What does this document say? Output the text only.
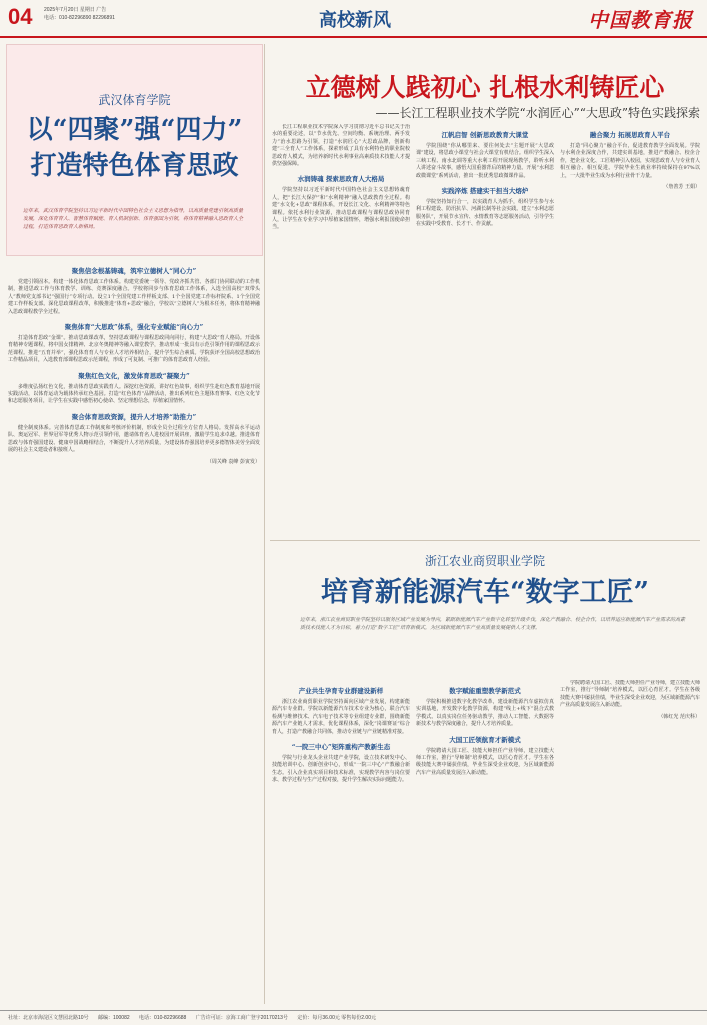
04 2025年7月20日 星期日 广告
电话：010-82296890 82296891	高校新风	中国教育报
武汉体育学院
以“四聚”强“四力”
打造特色体育思政
近年来，武汉体育学院坚持以习近平新时代中国特色社会主义思想为指导，以高质量党建引领高质量发展，深化体育育人、智慧体育赋能、育人机制创新、体育强国为引领，将体育精神融入思政育人全过程，打造体育思政育人新格局。
聚焦信念根基铸魂，筑牢立德树人“同心力”

党建引领固本。构建一体化体育思政工作体系。构建党委统一领导、党政齐抓共管、各部门协同联动的工作机制，推进思政工作与体育教学、训练、竞赛深度融合。学校将同步与体育思政工作体系，入选全国高校“双带头人”教师党支部书记“强国行”专项行动。设立1个全国党建工作样板支部、1个全国党建工作标杆院系、1个全国党建工作样板支部。深化思政课程改革，积极推进“体育+思政”融合，学校以“立德树人”为根本任务，将体育精神融入思政课程教学全过程。

聚焦体育“大思政”体系，强化专业赋能“向心力”

打造体育思政“金课”。推动思政课改革，坚持思政课程与课程思政同向同行，构建“大思政”育人格局。开设体育精神专题课程，将中国女排精神、北京冬奥精神等融入课堂教学，推动形成一批具有示范引领作用的课程思政示范课程。推进“五育并举”，强化体育育人与专业人才培养相结合，提升学生综合素质。学院获评全国高校思想政治工作精品项目，入选教育部课程思政示范课程，形成了可复制、可推广的体育思政育人经验。

聚焦红色文化，激发体育思政“凝聚力”

多维度弘扬红色文化，推动体育思政实践育人。深挖红色资源，讲好红色故事，组织学生赴红色教育基地开展实践活动，以体育运动为载体传承红色基因。打造“红色体育”品牌活动，推出系列红色主题体育赛事、红色文化节和志愿服务项目，让学生在实践中感悟初心使命、坚定理想信念，厚植家国情怀。

聚合体育思政资源，提升人才培养“助推力”

健全制度体系。完善体育思政工作制度和考核评价机制，形成全员全过程全方位育人格局。发挥高水平运动队、奥运冠军、世界冠军等优秀人物示范引领作用，邀请体育名人进校园开展讲座，激励学生追求卓越。推进体育思政与体育强国建设、健康中国战略相结合，不断提升人才培养质量，为建设体育强国培养更多德智体美劳全面发展的社会主义建设者和接班人。

（周关峰 袁峰 彭寅发）
立德树人践初心 扎根水利铸匠心
——长江工程职业技术学院“水润匠心”“大思政”特色实践探索

长江工程职业技术学院深入学习贯彻习近平总书记关于治水的重要论述，以“节水优先、空间均衡、系统治理、两手发力”治水思路为引领，打造“水润匠心”大思政品牌，创新构建“三全育人”工作体系，探索形成了具有水利特色的职业院校思政育人模式，为培养新时代水利事业高素质技术技能人才提供坚强保障。

水润铸魂 探索思政育人大格局

学院坚持以习近平新时代中国特色社会主义思想铸魂育人，把“长江大保护”和“水利精神”融入思政教育全过程。构建“水文化+思政”课程体系，开设长江文化、水利精神等特色课程。依托水利行业资源，推动思政课程与课程思政协同育人，让学生在专业学习中厚植家国情怀，增强水利报国使命担当。

江帆启智 创新思政教育大课堂

学院围绕“你从哪里来、要往何处去”主题开展“大思政课”建设，将思政小课堂与社会大课堂有机结合。组织学生深入三峡工程、南水北调等重大水利工程开展现场教学，聆听水利人讲述奋斗故事，感悟大国重器背后的精神力量。开展“水利思政微课堂”系列活动，推出一批优秀思政微课作品。

实践淬炼 搭建实干担当大熔炉

学院坚持知行合一，以实践育人为抓手，组织学生参与水利工程建设、防汛抗旱、河湖长制等社会实践。建立“水利志愿服务队”，开展节水宣传、水情教育等志愿服务活动，引导学生在实践中受教育、长才干、作贡献。

融合聚力 拓展思政育人平台

打造“同心聚力”融合平台，促进教育教学全面发展。学院与水利企业深度合作，共建实训基地，推进产教融合、校企合作，把企业文化、工匠精神引入校园，实现思政育人与专业育人相互融合、相互促进。学院毕业生就业率持续保持在97%以上，一大批毕业生成为水利行业骨干力量。

（詹善芳 王娟）
浙江农业商贸职业学院
培育新能源汽车“数字工匠”
近年来，浙江农业商贸职业学院坚持以服务区域产业发展为导向，紧跟新能源汽车产业数字化转型升级步伐，深化产教融合、校企合作，以培养适应新能源汽车产业需求的高素质技术技能人才为目标，着力打造“数字工匠”培育新模式，为区域新能源汽车产业高质量发展提供人才支撑。
产业共生孕育专业群建设新样

浙江农业商贸职业学院坚持面向区域产业发展，构建新能源汽车专业群。学院以新能源汽车技术专业为核心，联合汽车检测与维修技术、汽车电子技术等专业组建专业群，围绕新能源汽车产业链人才需求，优化课程体系，深化“岗课赛证”综合育人，打造产教融合共同体，推动专业链与产业链精准对接。

“一院三中心”矩阵重构产教新生态

学院与行业龙头企业共建产业学院，设立技术研发中心、技能培训中心、创新创业中心，形成“一院三中心”产教融合新生态。引入企业真实项目和技术标准，实现教学内容与岗位要求、教学过程与生产过程对接，提升学生解决实际问题能力。

数字赋能重塑教学新范式

学院积极推进数字化教学改革，建设新能源汽车虚拟仿真实训基地，开发数字化教学资源，构建“线上+线下”混合式教学模式。以真实岗位任务驱动教学，推动人工智能、大数据等新技术与教学深度融合，提升人才培养质量。

大国工匠领航育才新模式

学院聘请大国工匠、技能大师担任产业导师，建立技能大师工作室，推行“导师制”培养模式，以匠心育匠才。学生在各级技能大赛中屡获佳绩，毕业生深受企业欢迎，为区域新能源汽车产业高质量发展注入新动能。

学院聘请大国工匠、技能大师担任产业导师，建立技能大师工作室，推行“导师制”培养模式，以匠心育匠才。学生在各级技能大赛中屡获佳绩，毕业生深受企业欢迎，为区域新能源汽车产业高质量发展注入新动能。

（韩红光 范庆科）
社址：北京市海淀区文慧园北路10号 邮编：100082 电话：010-82296688 广告许可证：京海工商广登字20170213号 定价：每月36.00元 零售每份2.00元
